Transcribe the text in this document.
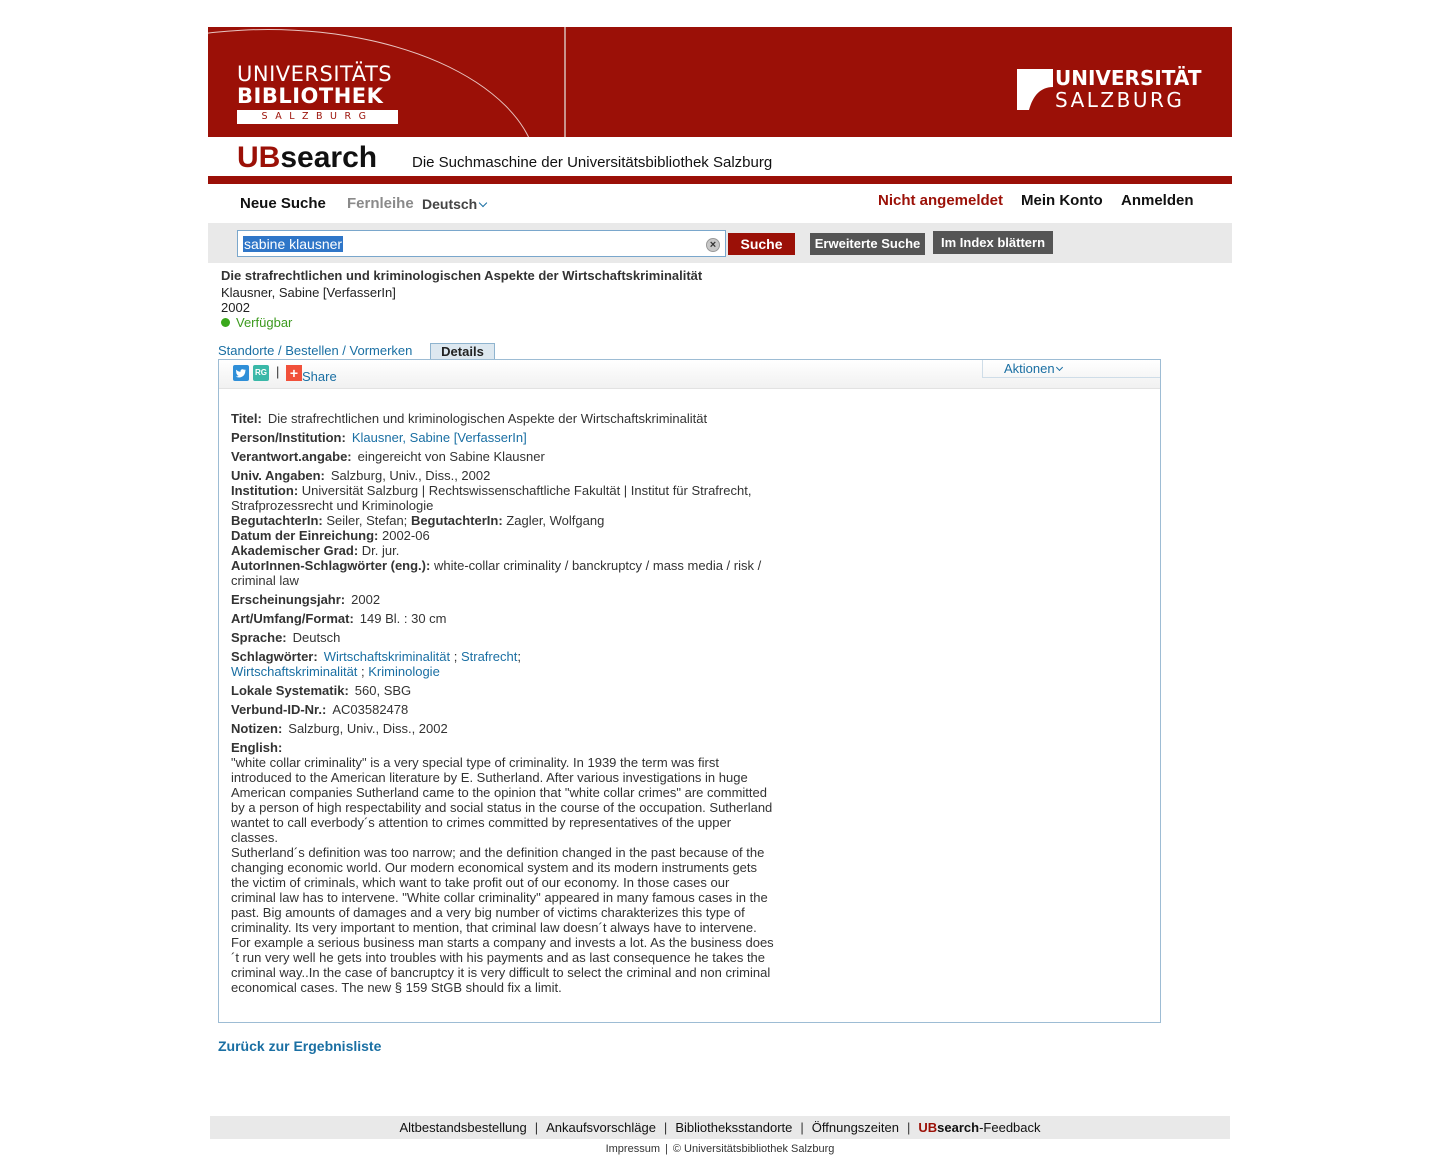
UNIVERSITÄTS
BIBLIOTHEK
SALZBURG
UNIVERSITÄT
SALZBURG
UBsearch Die Suchmaschine der Universitätsbibliothek Salzburg
Neue Suche Fernleihe Deutsch	Nicht angemeldet Mein Konto Anmelden
sabine klausner	×	Suche	Erweiterte Suche	Im Index blättern
Die strafrechtlichen und kriminologischen Aspekte der Wirtschaftskriminalität
Klausner, Sabine [VerfasserIn]
2002
Verfügbar
Standorte / Bestellen / Vormerken	Details
RG | + Share
Aktionen
Titel: Die strafrechtlichen und kriminologischen Aspekte der Wirtschaftskriminalität
Person/Institution: Klausner, Sabine [VerfasserIn]
Verantwort.angabe: eingereicht von Sabine Klausner
Univ. Angaben: Salzburg, Univ., Diss., 2002
Institution: Universität Salzburg | Rechtswissenschaftliche Fakultät | Institut für Strafrecht, Strafprozessrecht und Kriminologie
BegutachterIn: Seiler, Stefan; BegutachterIn: Zagler, Wolfgang
Datum der Einreichung: 2002-06
Akademischer Grad: Dr. jur.
AutorInnen-Schlagwörter (eng.): white-collar criminality / banckruptcy / mass media / risk / criminal law
Erscheinungsjahr: 2002
Art/Umfang/Format: 149 Bl. : 30 cm
Sprache: Deutsch
Schlagwörter: Wirtschaftskriminalität ; Strafrecht;
Wirtschaftskriminalität ; Kriminologie
Lokale Systematik: 560, SBG
Verbund-ID-Nr.: AC03582478
Notizen: Salzburg, Univ., Diss., 2002
English:
"white collar criminality" is a very special type of criminality. In 1939 the term was first introduced to the American literature by E. Sutherland. After various investigations in huge American companies Sutherland came to the opinion that "white collar crimes" are committed by a person of high respectability and social status in the course of the occupation. Sutherland wantet to call everbody´s attention to crimes committed by representatives of the upper classes.
Sutherland´s definition was too narrow; and the definition changed in the past because of the changing economic world. Our modern economical system and its modern instruments gets the victim of criminals, which want to take profit out of our economy. In those cases our criminal law has to intervene. "White collar criminality" appeared in many famous cases in the past. Big amounts of damages and a very big number of victims charakterizes this type of criminality. Its very important to mention, that criminal law doesn´t always have to intervene. For example a serious business man starts a company and invests a lot. As the business does ´t run very well he gets into troubles with his payments and as last consequence he takes the criminal way..In the case of bancruptcy it is very difficult to select the criminal and non criminal economical cases. The new § 159 StGB should fix a limit.
Zurück zur Ergebnisliste
Altbestandsbestellung | Ankaufsvorschläge | Bibliotheksstandorte | Öffnungszeiten | UBsearch-Feedback
Impressum | © Universitätsbibliothek Salzburg
